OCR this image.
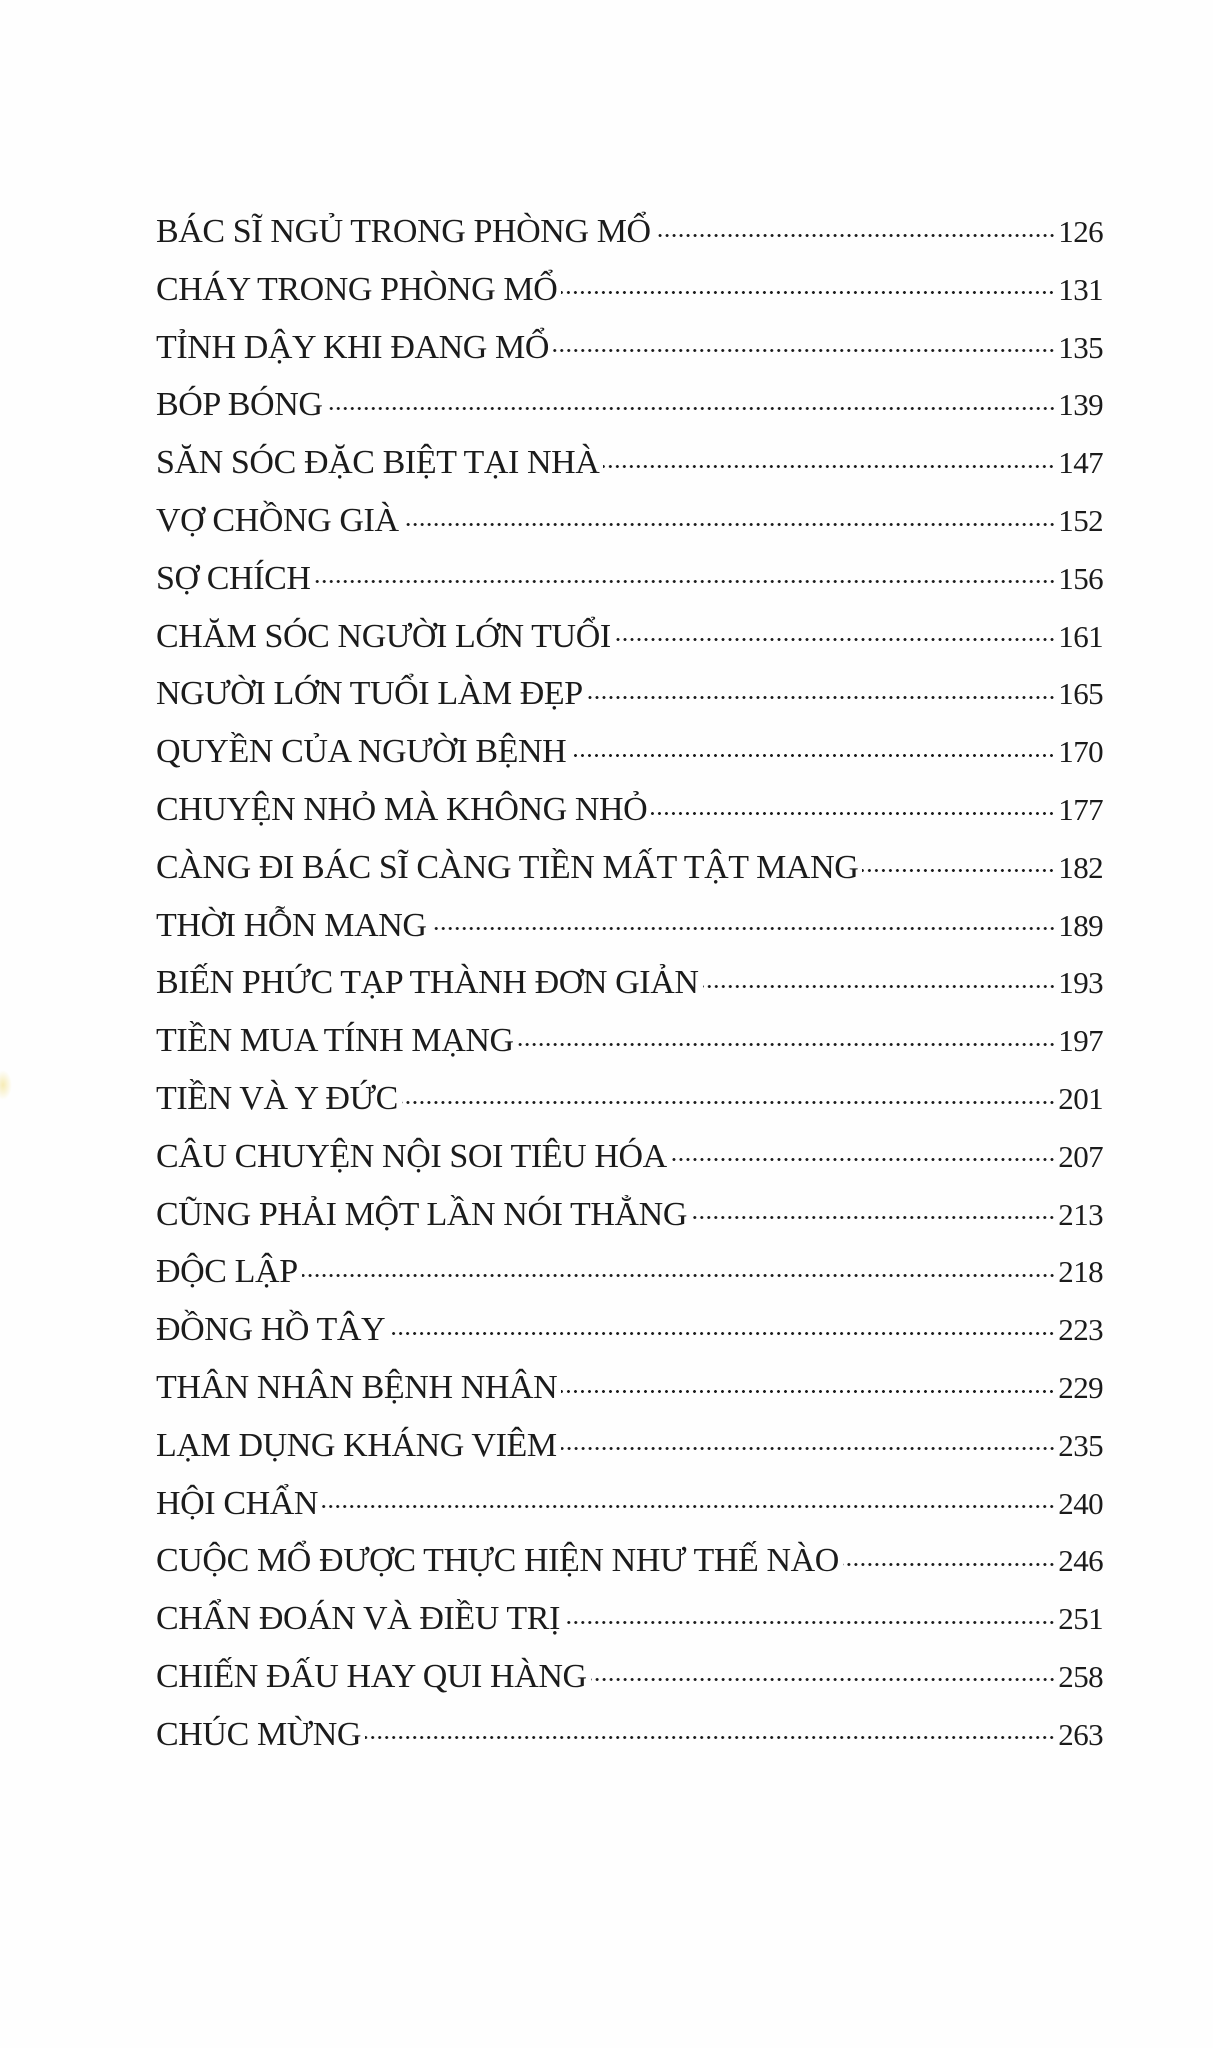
BÁC SĨ NGỦ TRONG PHÒNG MỔ	126
CHÁY TRONG PHÒNG MỔ	131
TỈNH DẬY KHI ĐANG MỔ	135
BÓP BÓNG	139
SĂN SÓC ĐẶC BIỆT TẠI NHÀ	147
VỢ CHỒNG GIÀ	152
SỢ CHÍCH	156
CHĂM SÓC NGƯỜI LỚN TUỔI	161
NGƯỜI LỚN TUỔI LÀM ĐẸP	165
QUYỀN CỦA NGƯỜI BỆNH	170
CHUYỆN NHỎ MÀ KHÔNG NHỎ	177
CÀNG ĐI BÁC SĨ CÀNG TIỀN MẤT TẬT MANG	182
THỜI HỖN MANG	189
BIẾN PHỨC TẠP THÀNH ĐƠN GIẢN	193
TIỀN MUA TÍNH MẠNG	197
TIỀN VÀ Y ĐỨC	201
CÂU CHUYỆN NỘI SOI TIÊU HÓA	207
CŨNG PHẢI MỘT LẦN NÓI THẲNG	213
ĐỘC LẬP	218
ĐỒNG HỒ TÂY	223
THÂN NHÂN BỆNH NHÂN	229
LẠM DỤNG KHÁNG VIÊM	235
HỘI CHẨN	240
CUỘC MỔ ĐƯỢC THỰC HIỆN NHƯ THẾ NÀO	246
CHẨN ĐOÁN VÀ ĐIỀU TRỊ	251
CHIẾN ĐẤU HAY QUI HÀNG	258
CHÚC MỪNG	263
